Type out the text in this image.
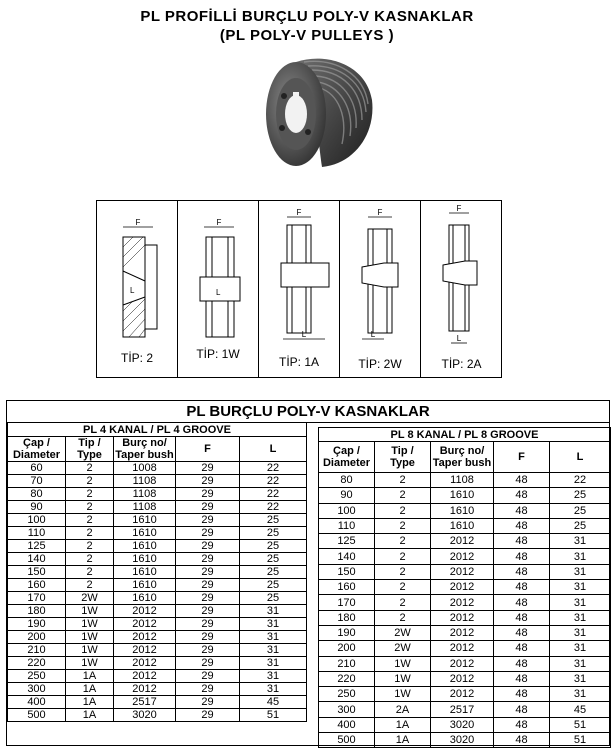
PL PROFİLLİ BURÇLU POLY-V KASNAKLAR
(PL POLY-V PULLEYS )
F
L
TİP: 2
F
L
TİP: 1W
F
L
TİP: 1A
F
L
TİP: 2W
F
L
TİP: 2A
PL BURÇLU POLY-V KASNAKLAR
PL 4 KANAL / PL 4 GROOVE				
Çap /
Diameter	Tip /
Type	Burç no/
Taper bush	F	L
60	2	1008	29	22
70	2	1108	29	22
80	2	1108	29	22
90	2	1108	29	22
100	2	1610	29	25
110	2	1610	29	25
125	2	1610	29	25
140	2	1610	29	25
150	2	1610	29	25
160	2	1610	29	25
170	2W	1610	29	25
180	1W	2012	29	31
190	1W	2012	29	31
200	1W	2012	29	31
210	1W	2012	29	31
220	1W	2012	29	31
250	1A	2012	29	31
300	1A	2012	29	31
400	1A	2517	29	45
500	1A	3020	29	51
PL 8 KANAL / PL 8 GROOVE				
Çap /
Diameter	Tip /
Type	Burç no/
Taper bush	F	L
80	2	1108	48	22
90	2	1610	48	25
100	2	1610	48	25
110	2	1610	48	25
125	2	2012	48	31
140	2	2012	48	31
150	2	2012	48	31
160	2	2012	48	31
170	2	2012	48	31
180	2	2012	48	31
190	2W	2012	48	31
200	2W	2012	48	31
210	1W	2012	48	31
220	1W	2012	48	31
250	1W	2012	48	31
300	2A	2517	48	45
400	1A	3020	48	51
500	1A	3020	48	51
